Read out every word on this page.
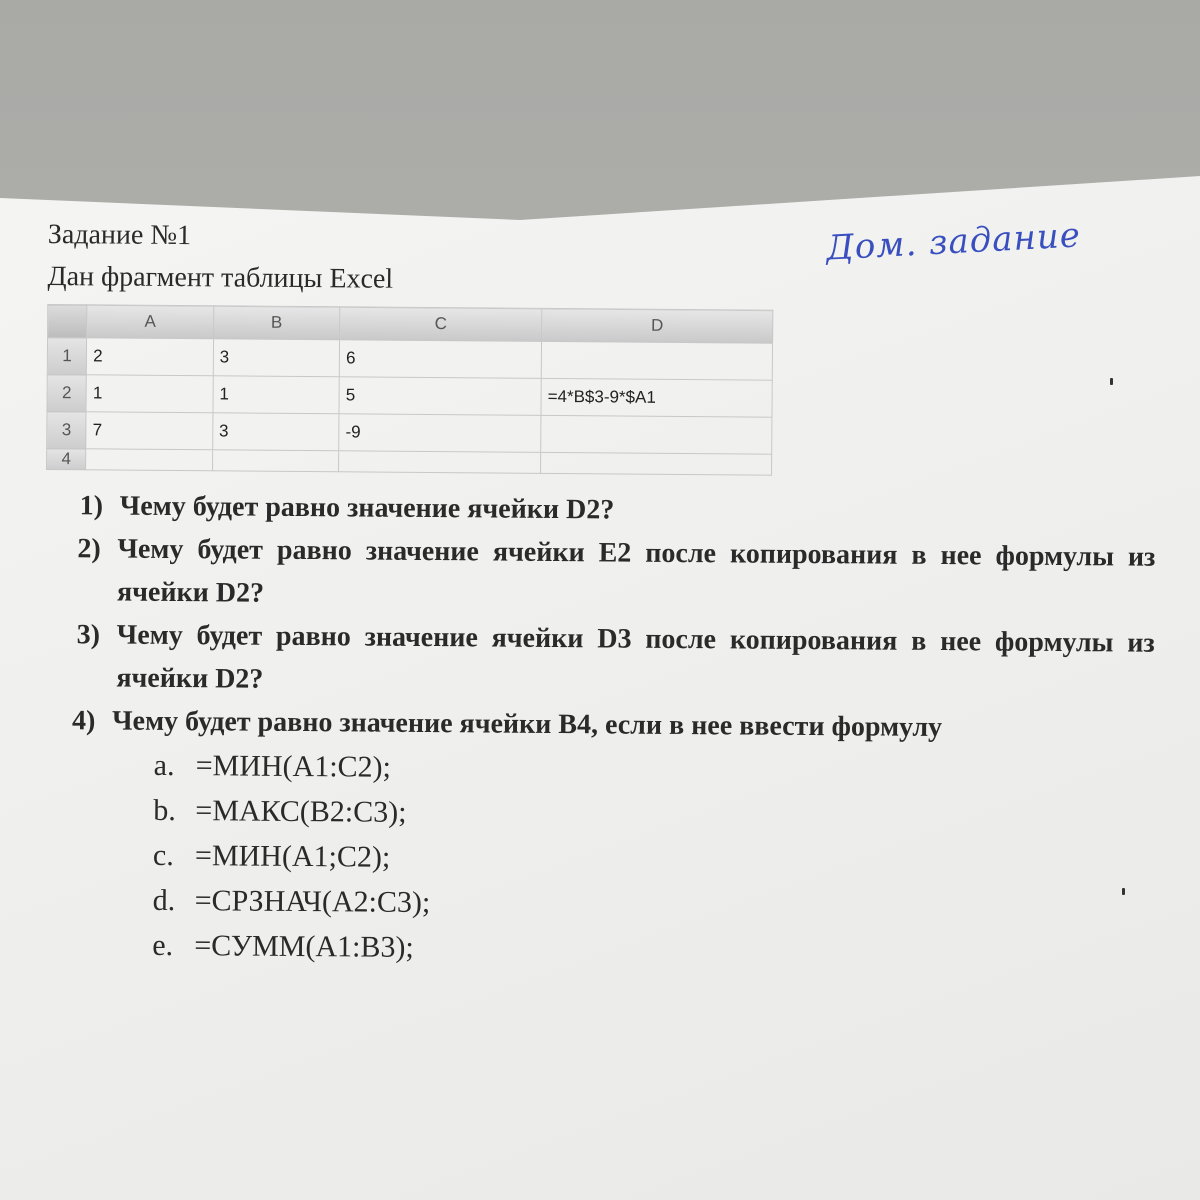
Задание №1
Дан фрагмент таблицы Excel
	A	B	C	D
1	2	3	6	
2	1	1	5	=4*B$3-9*$A1
3	7	3	-9	
4				
1) Чему будет равно значение ячейки D2?
2) Чему будет равно значение ячейки E2 после копирования в нее формулы из ячейки D2?
3) Чему будет равно значение ячейки D3 после копирования в нее формулы из ячейки D2?
4) Чему будет равно значение ячейки B4, если в нее ввести формулу
a. =МИН(A1:C2);
b. =МАКС(B2:C3);
c. =МИН(A1;C2);
d. =СРЗНАЧ(A2:C3);
e. =СУММ(A1:B3);
Дом. задание
